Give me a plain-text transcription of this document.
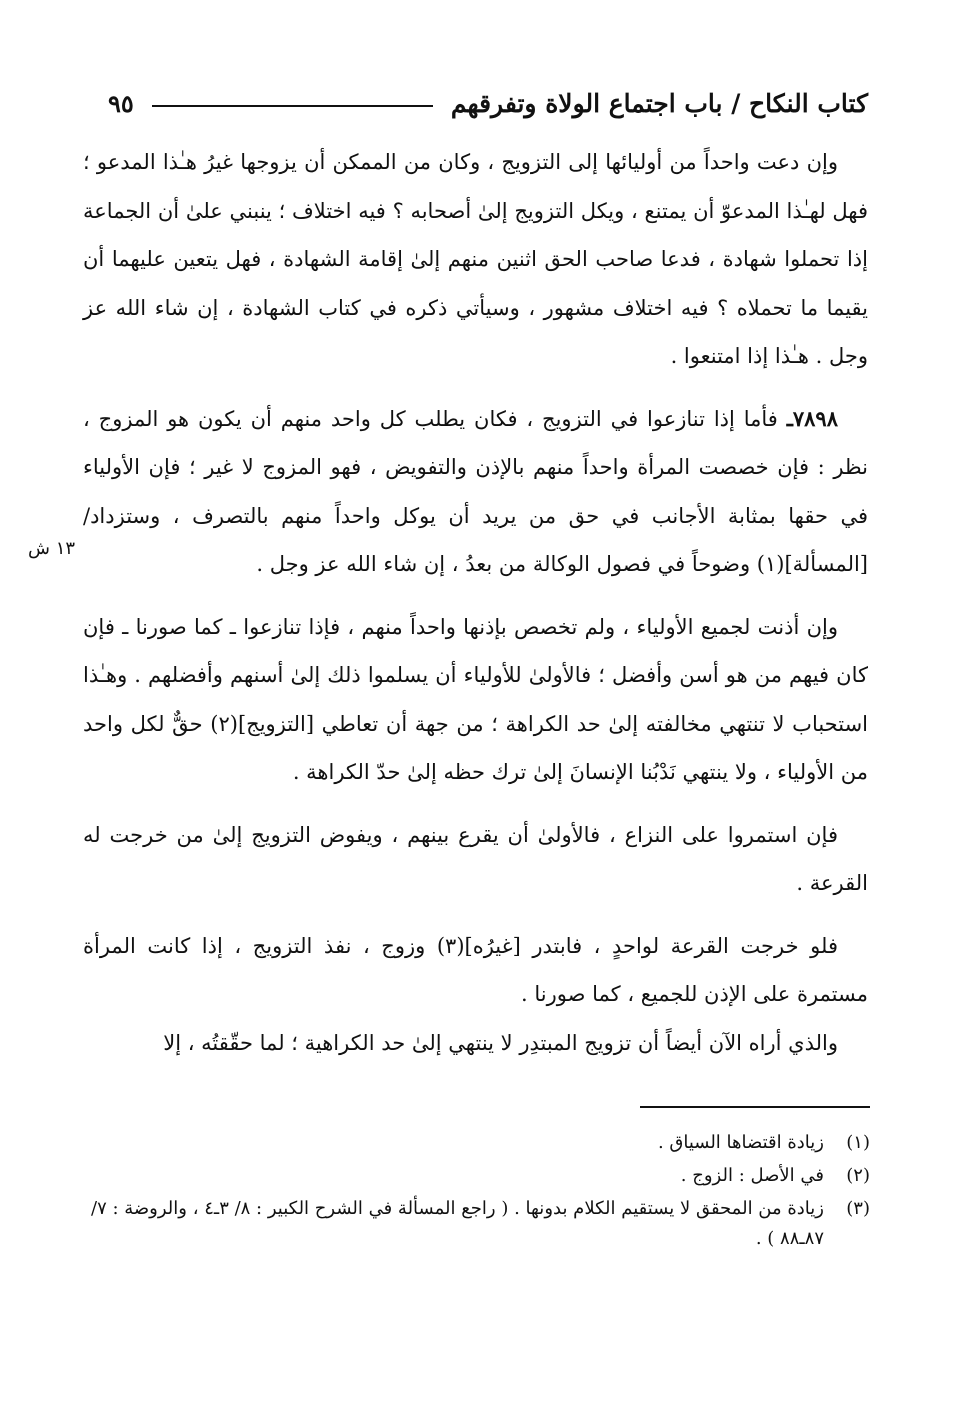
كتاب النكاح / باب اجتماع الولاة وتفرقهم
٩٥

وإن دعت واحداً من أوليائها إلى التزويج ، وكان من الممكن أن يزوجها غيرُ هـٰذا المدعو ؛ فهل لهـٰذا المدعوّ أن يمتنع ، ويكل التزويج إلىٰ أصحابه ؟ فيه اختلاف ؛ ينبني علىٰ أن الجماعة إذا تحملوا شهادة ، فدعا صاحب الحق اثنين منهم إلىٰ إقامة الشهادة ، فهل يتعين عليهما أن يقيما ما تحملاه ؟ فيه اختلاف مشهور ، وسيأتي ذكره في كتاب الشهادة ، إن شاء الله عز وجل . هـٰذا إذا امتنعوا .

٧٨٩٨ـ فأما إذا تنازعوا في التزويج ، فكان يطلب كل واحد منهم أن يكون هو المزوج ، نظر : فإن خصصت المرأة واحداً منهم بالإذن والتفويض ، فهو المزوج لا غير ؛ فإن الأولياء في حقها بمثابة الأجانب في حق من يريد أن يوكل واحداً منهم بالتصرف ، وستزداد/ [المسألة](١) وضوحاً في فصول الوكالة من بعدُ ، إن شاء الله عز وجل .

وإن أذنت لجميع الأولياء ، ولم تخصص بإذنها واحداً منهم ، فإذا تنازعوا ـ كما صورنا ـ فإن كان فيهم من هو أسن وأفضل ؛ فالأولىٰ للأولياء أن يسلموا ذلك إلىٰ أسنهم وأفضلهم . وهـٰذا استحباب لا تنتهي مخالفته إلىٰ حد الكراهة ؛ من جهة أن تعاطي [التزويج](٢) حقٌّ لكل واحد من الأولياء ، ولا ينتهي نَدْبُنا الإنسانَ إلىٰ ترك حظه إلىٰ حدّ الكراهة .

فإن استمروا على النزاع ، فالأولىٰ أن يقرع بينهم ، ويفوض التزويج إلىٰ من خرجت له القرعة .

فلو خرجت القرعة لواحدٍ ، فابتدر [غيرُه](٣) وزوج ، نفذ التزويج ، إذا كانت المرأة مستمرة على الإذن للجميع ، كما صورنا .

والذي أراه الآن أيضاً أن تزويج المبتدِر لا ينتهي إلىٰ حد الكراهية ؛ لما حقّقتُه ، إلا

١٣ ش
(١)
زيادة اقتضاها السياق .
(٢)
في الأصل : الزوج .
(٣)
زيادة من المحقق لا يستقيم الكلام بدونها . ( راجع المسألة في الشرح الكبير : ٨/ ٣ـ٤ ، والروضة : ٧/ ٨٧ـ٨٨ ) .
